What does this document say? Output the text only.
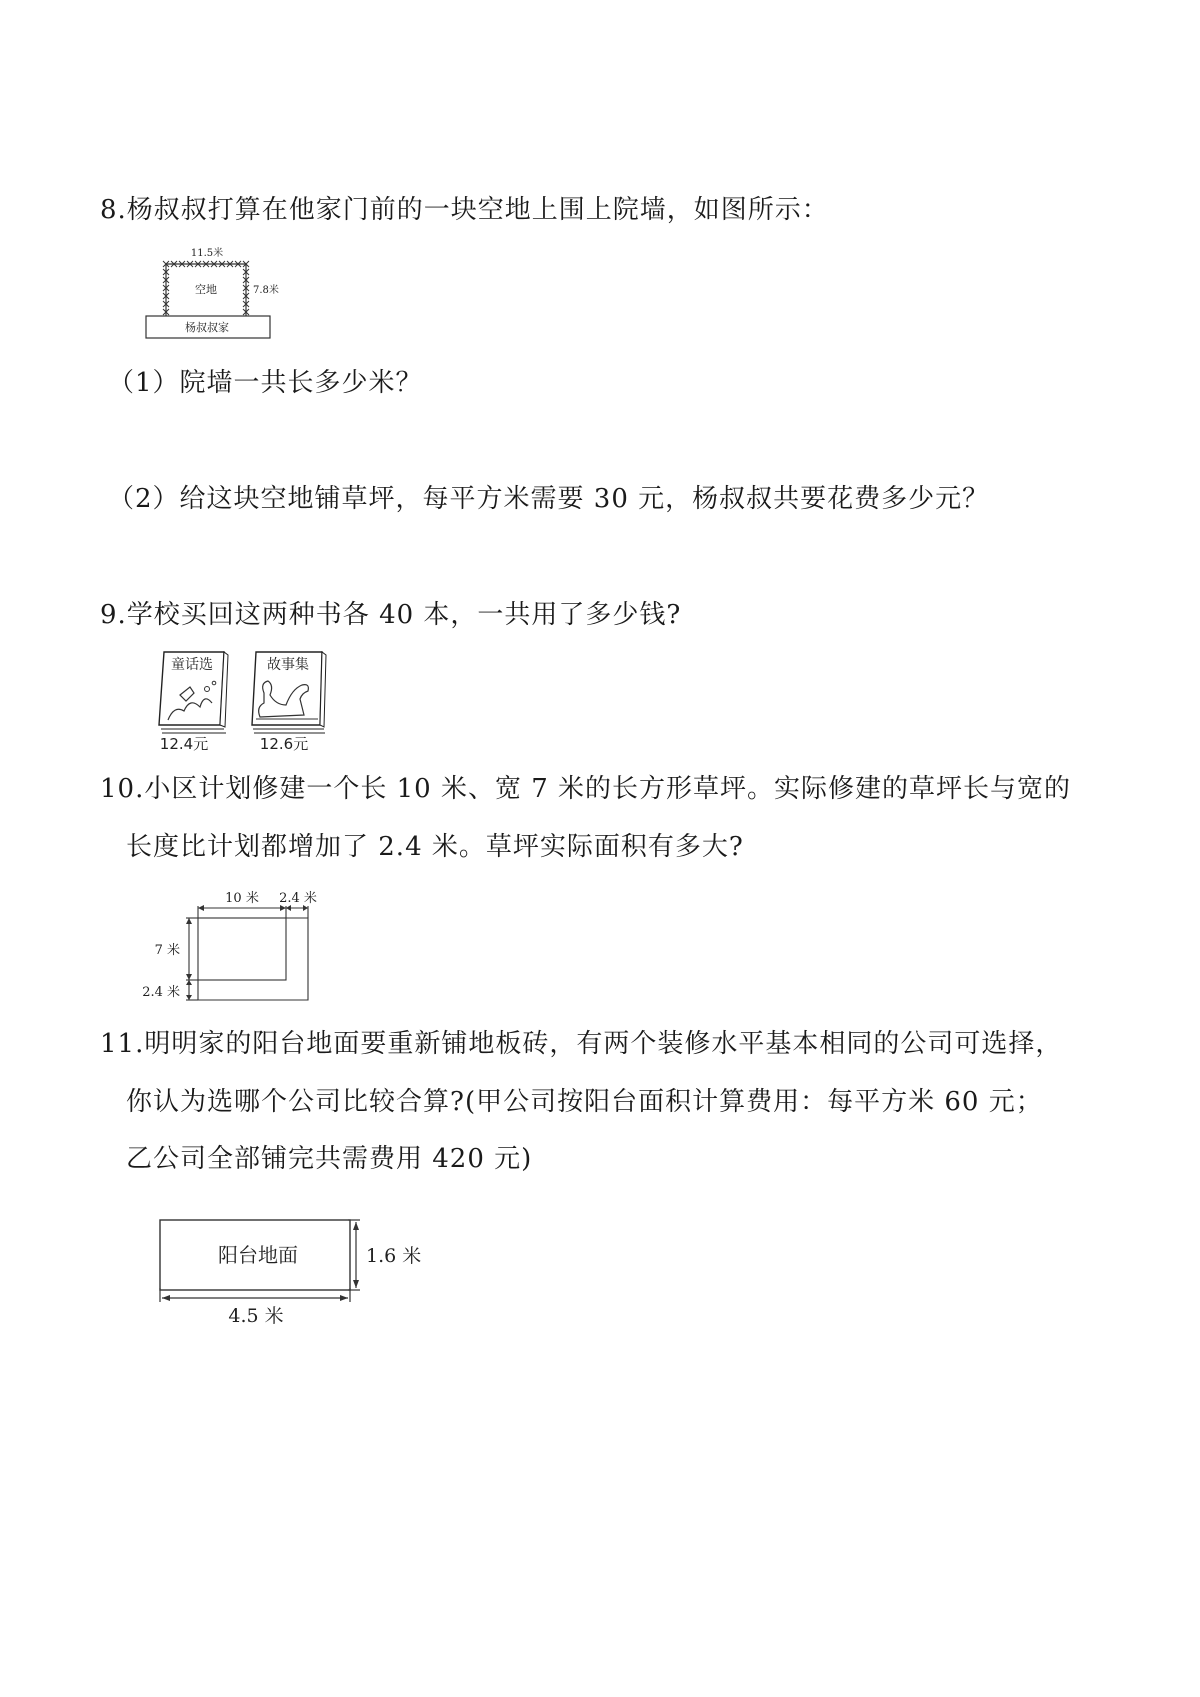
8.杨叔叔打算在他家门前的一块空地上围上院墙，如图所示：
11.5米
7.8米
空地
杨叔叔家
（1）院墙一共长多少米？
（2）给这块空地铺草坪，每平方米需要 30 元，杨叔叔共要花费多少元？
9.学校买回这两种书各 40 本，一共用了多少钱?
童话选	故事集
12.4元	12.6元
10.小区计划修建一个长 10 米、宽 7 米的长方形草坪。实际修建的草坪长与宽的
长度比计划都增加了 2.4 米。草坪实际面积有多大?
10 米 2.4 米
7 米
2.4 米
11.明明家的阳台地面要重新铺地板砖，有两个装修水平基本相同的公司可选择，
你认为选哪个公司比较合算?(甲公司按阳台面积计算费用：每平方米 60 元；
乙公司全部铺完共需费用 420 元)
阳台地面	1.6 米
4.5 米
